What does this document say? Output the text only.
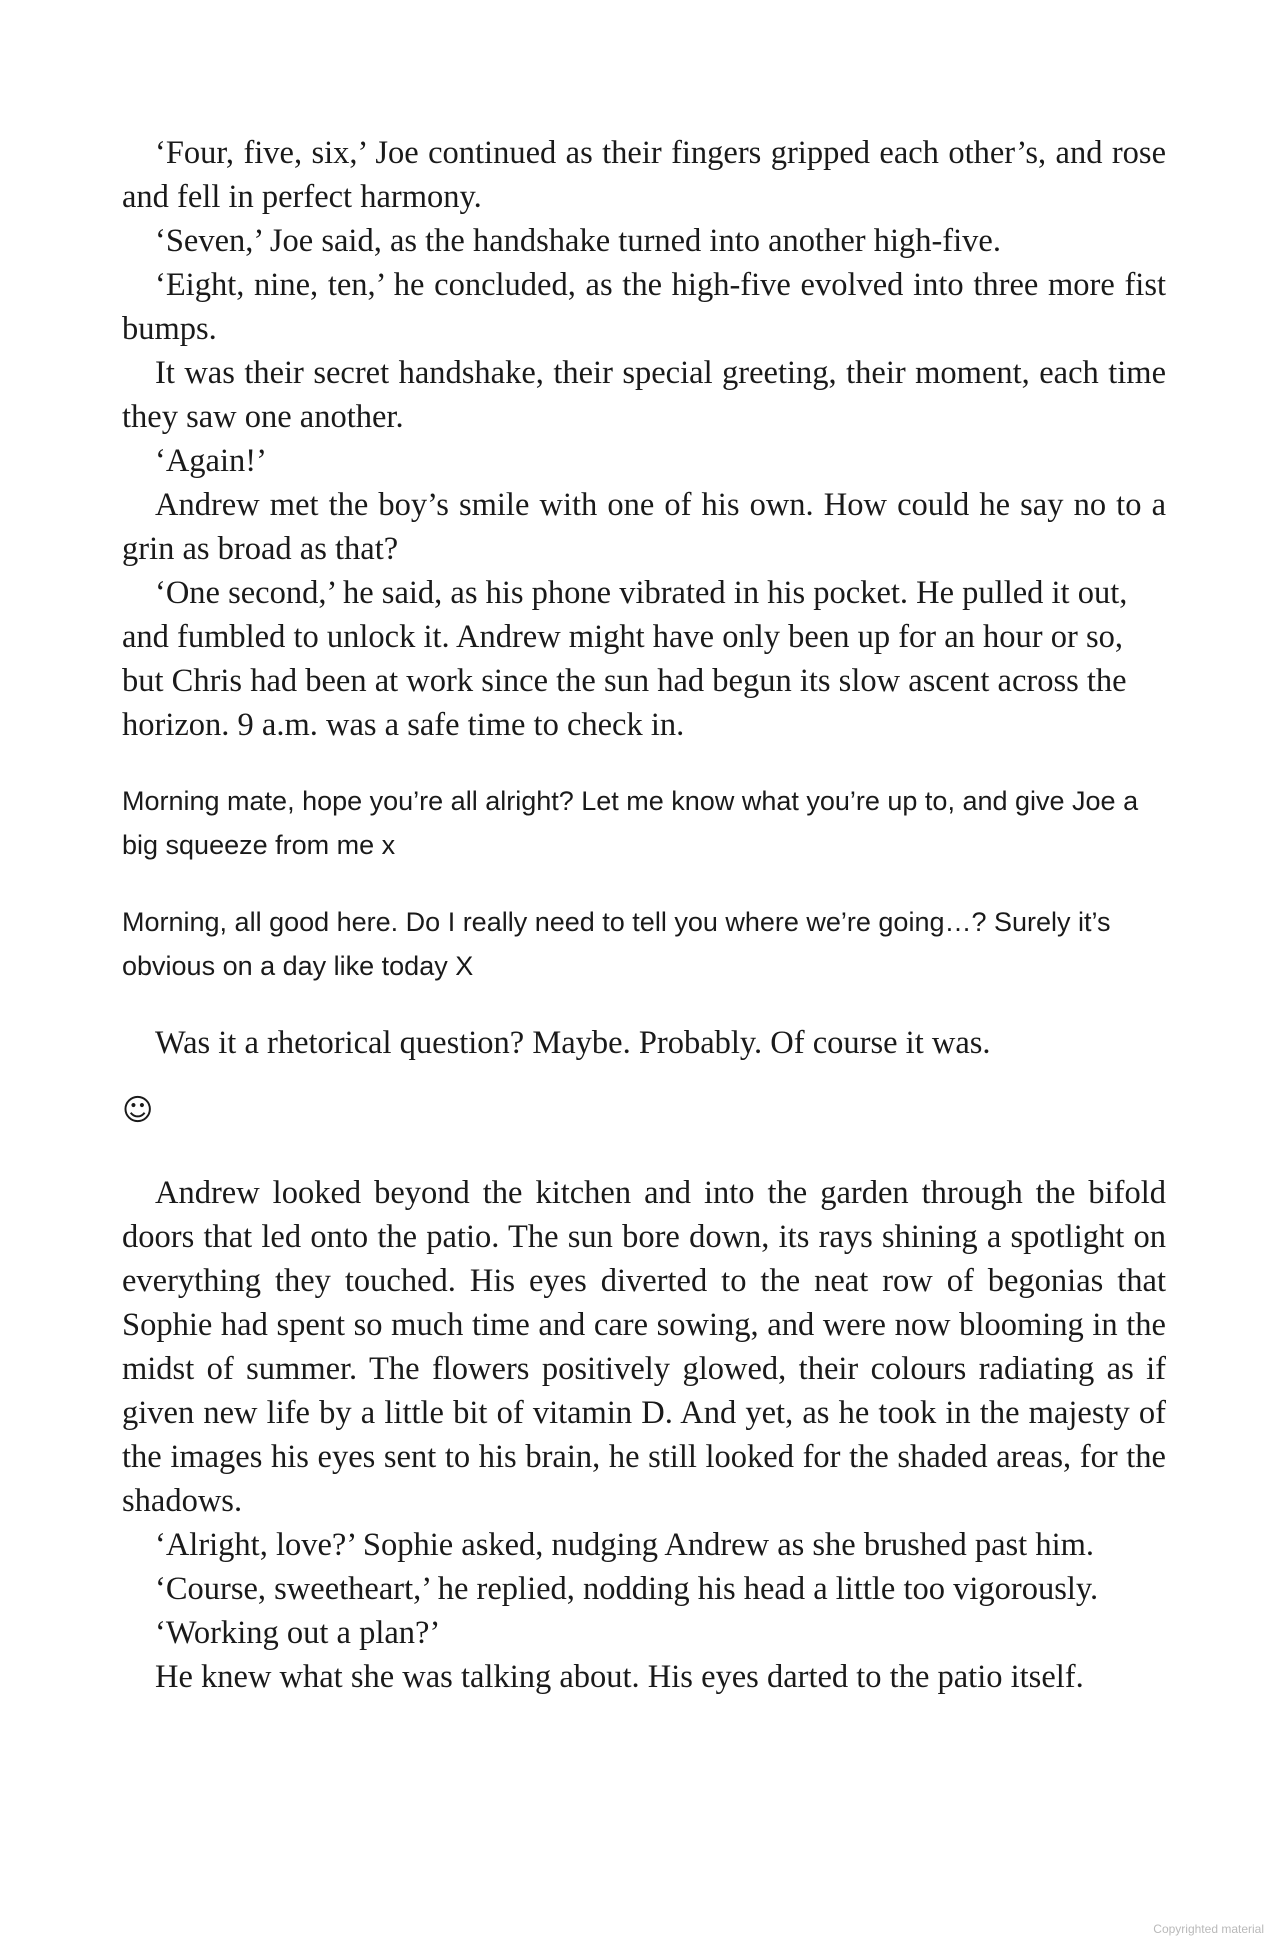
‘Four, five, six,’ Joe continued as their fingers gripped each other’s, and rose and fell in perfect harmony.

‘Seven,’ Joe said, as the handshake turned into another high-five.

‘Eight, nine, ten,’ he concluded, as the high-five evolved into three more fist bumps.

It was their secret handshake, their special greeting, their moment, each time they saw one another.

‘Again!’

Andrew met the boy’s smile with one of his own. How could he say no to a grin as broad as that?

‘One second,’ he said, as his phone vibrated in his pocket. He pulled it out, and fumbled to unlock it. Andrew might have only been up for an hour or so, but Chris had been at work since the sun had begun its slow ascent across the horizon. 9 a.m. was a safe time to check in.

Morning mate, hope you’re all alright? Let me know what you’re up to, and give Joe a big squeeze from me x

Morning, all good here. Do I really need to tell you where we’re going…? Surely it’s obvious on a day like today X

Was it a rhetorical question? Maybe. Probably. Of course it was.

☺

Andrew looked beyond the kitchen and into the garden through the bifold doors that led onto the patio. The sun bore down, its rays shining a spotlight on everything they touched. His eyes diverted to the neat row of begonias that Sophie had spent so much time and care sowing, and were now blooming in the midst of summer. The flowers positively glowed, their colours radiating as if given new life by a little bit of vitamin D. And yet, as he took in the majesty of the images his eyes sent to his brain, he still looked for the shaded areas, for the shadows.

‘Alright, love?’ Sophie asked, nudging Andrew as she brushed past him.

‘Course, sweetheart,’ he replied, nodding his head a little too vigorously.

‘Working out a plan?’

He knew what she was talking about. His eyes darted to the patio itself.

Copyrighted material
